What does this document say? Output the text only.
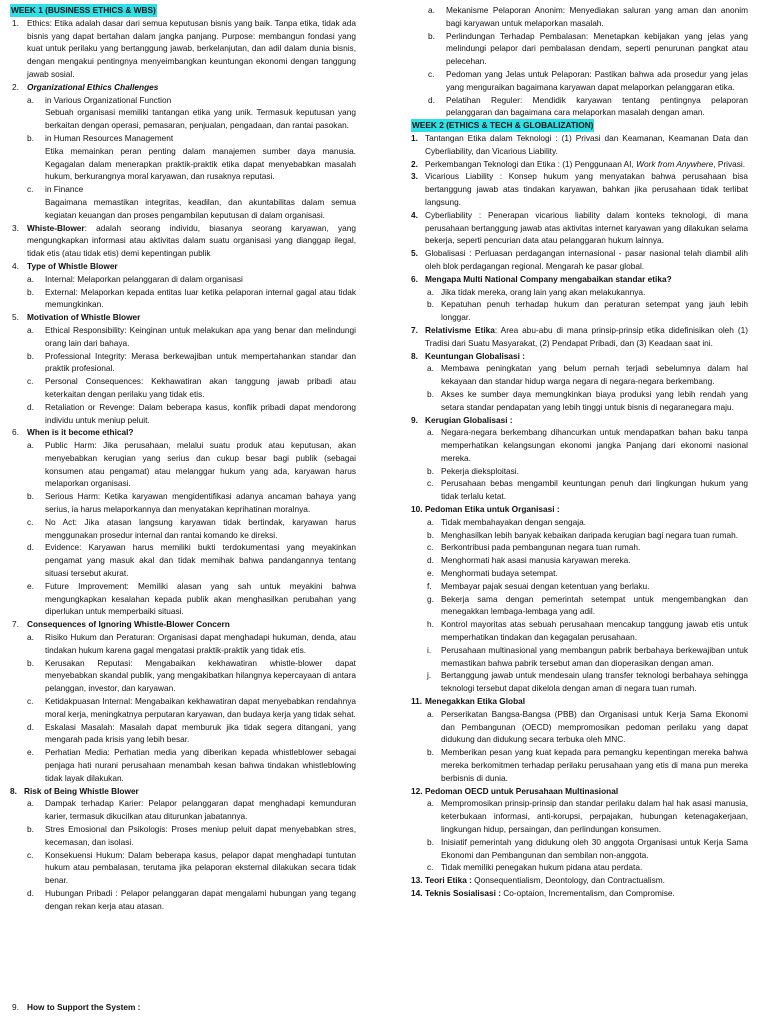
WEEK 1 (BUSINESS ETHICS & WBS)
1. Ethics: Etika adalah dasar dari semua keputusan bisnis yang baik. Tanpa etika, tidak ada bisnis yang dapat bertahan dalam jangka panjang. Purpose: membangun fondasi yang kuat untuk perilaku yang bertanggung jawab, berkelanjutan, dan adil dalam dunia bisnis, dengan mengakui pentingnya menyeimbangkan keuntungan ekonomi dengan tanggung jawab sosial.
2. Organizational Ethics Challenges
a. in Various Organizational Function
Sebuah organisasi memiliki tantangan etika yang unik. Termasuk keputusan yang berkaitan dengan operasi, pemasaran, penjualan, pengadaan, dan rantai pasokan.
b. in Human Resources Management
Etika memainkan peran penting dalam manajemen sumber daya manusia. Kegagalan dalam menerapkan praktik-praktik etika dapat menyebabkan masalah hukum, berkurangnya moral karyawan, dan rusaknya reputasi.
c. in Finance
Bagaimana memastikan integritas, keadilan, dan akuntabilitas dalam semua kegiatan keuangan dan proses pengambilan keputusan di dalam organisasi.
3. Whiste-Blower: adalah seorang individu, biasanya seorang karyawan, yang mengungkapkan informasi atau aktivitas dalam suatu organisasi yang dianggap ilegal, tidak etis (atau tidak etis) demi kepentingan publik
4. Type of Whistle Blower
a. Internal: Melaporkan pelanggaran di dalam organisasi
b. External: Melaporkan kepada entitas luar ketika pelaporan internal gagal atau tidak memungkinkan.
5. Motivation of Whistle Blower
a. Ethical Responsibility: Keinginan untuk melakukan apa yang benar dan melindungi orang lain dari bahaya.
b. Professional Integrity: Merasa berkewajiban untuk mempertahankan standar dan praktik profesional.
c. Personal Consequences: Kekhawatiran akan tanggung jawab pribadi atau keterkaitan dengan perilaku yang tidak etis.
d. Retaliation or Revenge: Dalam beberapa kasus, konflik pribadi dapat mendorong individu untuk meniup peluit.
6. When is it become ethical?
a. Public Harm: Jika perusahaan, melalui suatu produk atau keputusan, akan menyebabkan kerugian yang serius dan cukup besar bagi publik (sebagai konsumen atau pengamat) atau melanggar hukum yang ada, karyawan harus melaporkan organisasi.
b. Serious Harm: Ketika karyawan mengidentifikasi adanya ancaman bahaya yang serius, ia harus melaporkannya dan menyatakan keprihatinan moralnya.
c. No Act: Jika atasan langsung karyawan tidak bertindak, karyawan harus menggunakan prosedur internal dan rantai komando ke direksi.
d. Evidence: Karyawan harus memiliki bukti terdokumentasi yang meyakinkan pengamat yang masuk akal dan tidak memihak bahwa pandangannya tentang situasi tersebut akurat.
e. Future Improvement: Memiliki alasan yang sah untuk meyakini bahwa mengungkapkan kesalahan kepada publik akan menghasilkan perubahan yang diperlukan untuk memperbaiki situasi.
7. Consequences of Ignoring Whistle-Blower Concern
a. Risiko Hukum dan Peraturan: Organisasi dapat menghadapi hukuman, denda, atau tindakan hukum karena gagal mengatasi praktik-praktik yang tidak etis.
b. Kerusakan Reputasi: Mengabaikan kekhawatiran whistle-blower dapat menyebabkan skandal publik, yang mengakibatkan hilangnya kepercayaan di antara pelanggan, investor, dan karyawan.
c. Ketidakpuasan Internal: Mengabaikan kekhawatiran dapat menyebabkan rendahnya moral kerja, meningkatnya perputaran karyawan, dan budaya kerja yang tidak sehat.
d. Eskalasi Masalah: Masalah dapat memburuk jika tidak segera ditangani, yang mengarah pada krisis yang lebih besar.
e. Perhatian Media: Perhatian media yang diberikan kepada whistleblower sebagai penjaga hati nurani perusahaan menambah kesan bahwa tindakan whistleblowing tidak layak dilakukan.
8. Risk of Being Whistle Blower
a. Dampak terhadap Karier: Pelapor pelanggaran dapat menghadapi kemunduran karier, termasuk dikucilkan atau diturunkan jabatannya.
b. Stres Emosional dan Psikologis: Proses meniup peluit dapat menyebabkan stres, kecemasan, dan isolasi.
c. Konsekuensi Hukum: Dalam beberapa kasus, pelapor dapat menghadapi tuntutan hukum atau pembalasan, terutama jika pelaporan eksternal dilakukan secara tidak benar.
d. Hubungan Pribadi : Pelapor pelanggaran dapat mengalami hubungan yang tegang dengan rekan kerja atau atasan.
9. How to Support the System :
a. Mekanisme Pelaporan Anonim: Menyediakan saluran yang aman dan anonim bagi karyawan untuk melaporkan masalah.
b. Perlindungan Terhadap Pembalasan: Menetapkan kebijakan yang jelas yang melindungi pelapor dari pembalasan dendam, seperti penurunan pangkat atau pelecehan.
c. Pedoman yang Jelas untuk Pelaporan: Pastikan bahwa ada prosedur yang jelas yang menguraikan bagaimana karyawan dapat melaporkan pelanggaran etika.
d. Pelatihan Reguler: Mendidik karyawan tentang pentingnya pelaporan pelanggaran dan bagaimana cara melaporkan masalah dengan aman.
WEEK 2 (ETHICS & TECH & GLOBALIZATION)
1. Tantangan Etika dalam Teknologi : (1) Privasi dan Keamanan, Keamanan Data dan Cyberliability, dan Vicarious Liability.
2. Perkembangan Teknologi dan Etika : (1) Penggunaan AI, Work from Anywhere, Privasi.
3. Vicarious Liability : Konsep hukum yang menyatakan bahwa perusahaan bisa bertanggung jawab atas tindakan karyawan, bahkan jika perusahaan tidak terlibat langsung.
4. Cyberliability : Penerapan vicarious liability dalam konteks teknologi, di mana perusahaan bertanggung jawab atas aktivitas internet karyawan yang dilakukan selama bekerja, seperti pencurian data atau pelanggaran hukum lainnya.
5. Globalisasi : Perluasan perdagangan internasional - pasar nasional telah diambil alih oleh blok perdagangan regional. Mengarah ke pasar global.
6. Mengapa Multi National Company mengabaikan standar etika?
a. Jika tidak mereka, orang lain yang akan melakukannya.
b. Kepatuhan penuh terhadap hukum dan peraturan setempat yang jauh lebih longgar.
7. Relativisme Etika: Area abu-abu di mana prinsip-prinsip etika didefinisikan oleh (1) Tradisi dari Suatu Masyarakat, (2) Pendapat Pribadi, dan (3) Keadaan saat ini.
8. Keuntungan Globalisasi :
a. Membawa peningkatan yang belum pernah terjadi sebelumnya dalam hal kekayaan dan standar hidup warga negara di negara-negara berkembang.
b. Akses ke sumber daya memungkinkan biaya produksi yang lebih rendah yang setara standar pendapatan yang lebih tinggi untuk bisnis di negaranegara maju.
9. Kerugian Globalisasi :
a. Negara-negara berkembang dihancurkan untuk mendapatkan bahan baku tanpa memperhatikan kelangsungan ekonomi jangka Panjang dari ekonomi nasional mereka.
b. Pekerja dieksploitasi.
c. Perusahaan bebas mengambil keuntungan penuh dari lingkungan hukum yang tidak terlalu ketat.
10. Pedoman Etika untuk Organisasi :
a. Tidak membahayakan dengan sengaja.
b. Menghasilkan lebih banyak kebaikan daripada kerugian bagi negara tuan rumah.
c. Berkontribusi pada pembangunan negara tuan rumah.
d. Menghormati hak asasi manusia karyawan mereka.
e. Menghormati budaya setempat.
f. Membayar pajak sesuai dengan ketentuan yang berlaku.
g. Bekerja sama dengan pemerintah setempat untuk mengembangkan dan menegakkan lembaga-lembaga yang adil.
h. Kontrol mayoritas atas sebuah perusahaan mencakup tanggung jawab etis untuk memperhatikan tindakan dan kegagalan perusahaan.
i. Perusahaan multinasional yang membangun pabrik berbahaya berkewajiban untuk memastikan bahwa pabrik tersebut aman dan dioperasikan dengan aman.
j. Bertanggung jawab untuk mendesain ulang transfer teknologi berbahaya sehingga teknologi tersebut dapat dikelola dengan aman di negara tuan rumah.
11. Menegakkan Etika Global
a. Perserikatan Bangsa-Bangsa (PBB) dan Organisasi untuk Kerja Sama Ekonomi dan Pembangunan (OECD) mempromosikan pedoman perilaku yang dapat didukung dan didukung secara terbuka oleh MNC.
b. Memberikan pesan yang kuat kepada para pemangku kepentingan mereka bahwa mereka berkomitmen terhadap perilaku perusahaan yang etis di mana pun mereka berbisnis di dunia.
12. Pedoman OECD untuk Perusahaan Multinasional
a. Mempromosikan prinsip-prinsip dan standar perilaku dalam hal hak asasi manusia, keterbukaan informasi, anti-korupsi, perpajakan, hubungan ketenagakerjaan, lingkungan hidup, persaingan, dan perlindungan konsumen.
b. Inisiatif pemerintah yang didukung oleh 30 anggota Organisasi untuk Kerja Sama Ekonomi dan Pembangunan dan sembilan non-anggota.
c. Tidak memiliki penegakan hukum pidana atau perdata.
13. Teori Etika : Qonsequentialism, Deontology, dan Contractualism.
14. Teknis Sosialisasi : Co-optaion, Incrementalism, dan Compromise.
